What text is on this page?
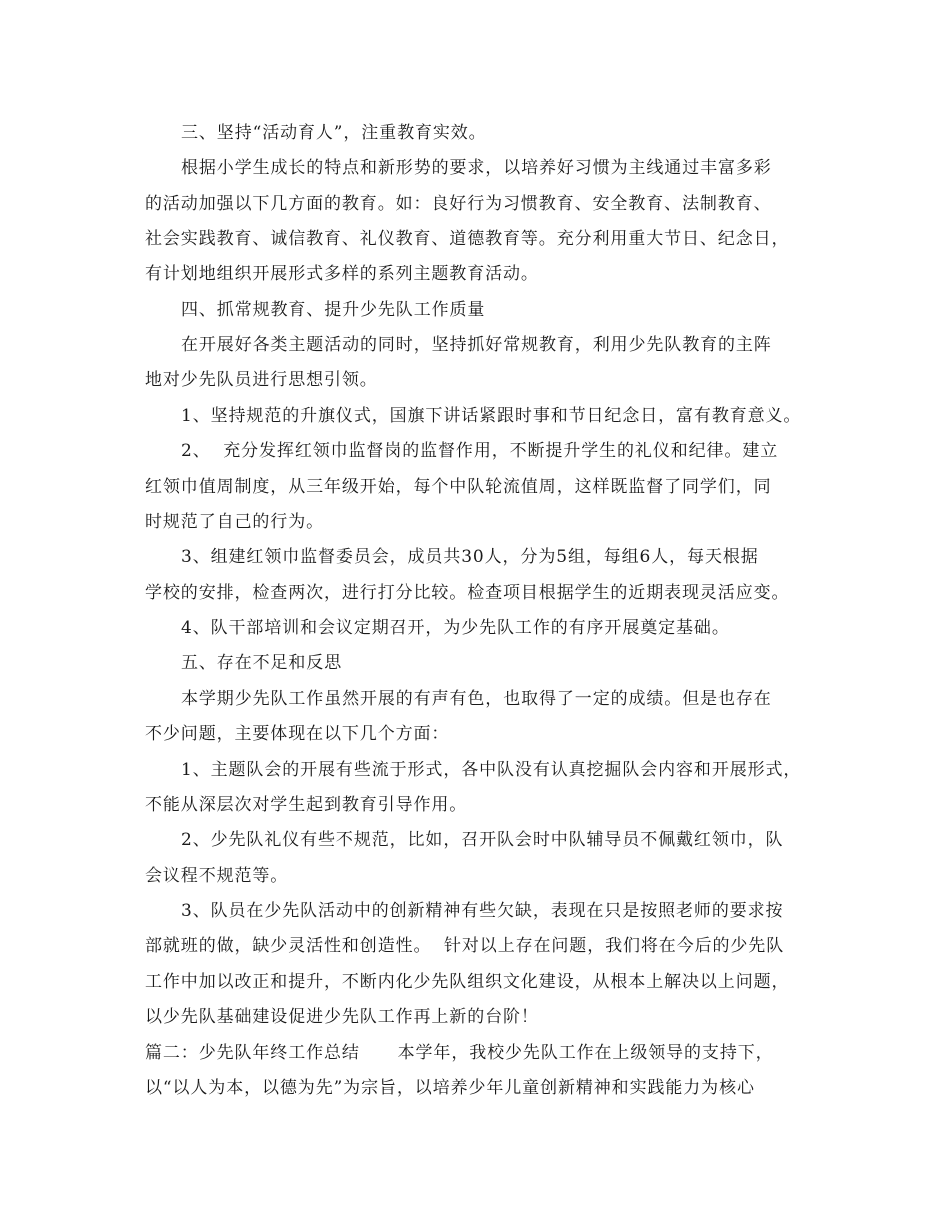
三、坚持“活动育人”，注重教育实效。
根据小学生成长的特点和新形势的要求，以培养好习惯为主线通过丰富多彩
的活动加强以下几方面的教育。如：良好行为习惯教育、安全教育、法制教育、
社会实践教育、诚信教育、礼仪教育、道德教育等。充分利用重大节日、纪念日，
有计划地组织开展形式多样的系列主题教育活动。
四、抓常规教育、提升少先队工作质量
在开展好各类主题活动的同时，坚持抓好常规教育，利用少先队教育的主阵
地对少先队员进行思想引领。
1、坚持规范的升旗仪式，国旗下讲话紧跟时事和节日纪念日，富有教育意义。
2、  充分发挥红领巾监督岗的监督作用，不断提升学生的礼仪和纪律。建立
红领巾值周制度，从三年级开始，每个中队轮流值周，这样既监督了同学们，同
时规范了自己的行为。
3、组建红领巾监督委员会，成员共30人，分为5组，每组6人，每天根据
学校的安排，检查两次，进行打分比较。检查项目根据学生的近期表现灵活应变。
4、队干部培训和会议定期召开，为少先队工作的有序开展奠定基础。
五、存在不足和反思
本学期少先队工作虽然开展的有声有色，也取得了一定的成绩。但是也存在
不少问题，主要体现在以下几个方面：
1、主题队会的开展有些流于形式，各中队没有认真挖掘队会内容和开展形式，
不能从深层次对学生起到教育引导作用。
2、少先队礼仪有些不规范，比如，召开队会时中队辅导员不佩戴红领巾，队
会议程不规范等。
3、队员在少先队活动中的创新精神有些欠缺，表现在只是按照老师的要求按
部就班的做，缺少灵活性和创造性。  针对以上存在问题，我们将在今后的少先队
工作中加以改正和提升，不断内化少先队组织文化建设，从根本上解决以上问题，
以少先队基础建设促进少先队工作再上新的台阶！
篇二：少先队年终工作总结      本学年，我校少先队工作在上级领导的支持下，
以“以人为本，以德为先”为宗旨，以培养少年儿童创新精神和实践能力为核心
